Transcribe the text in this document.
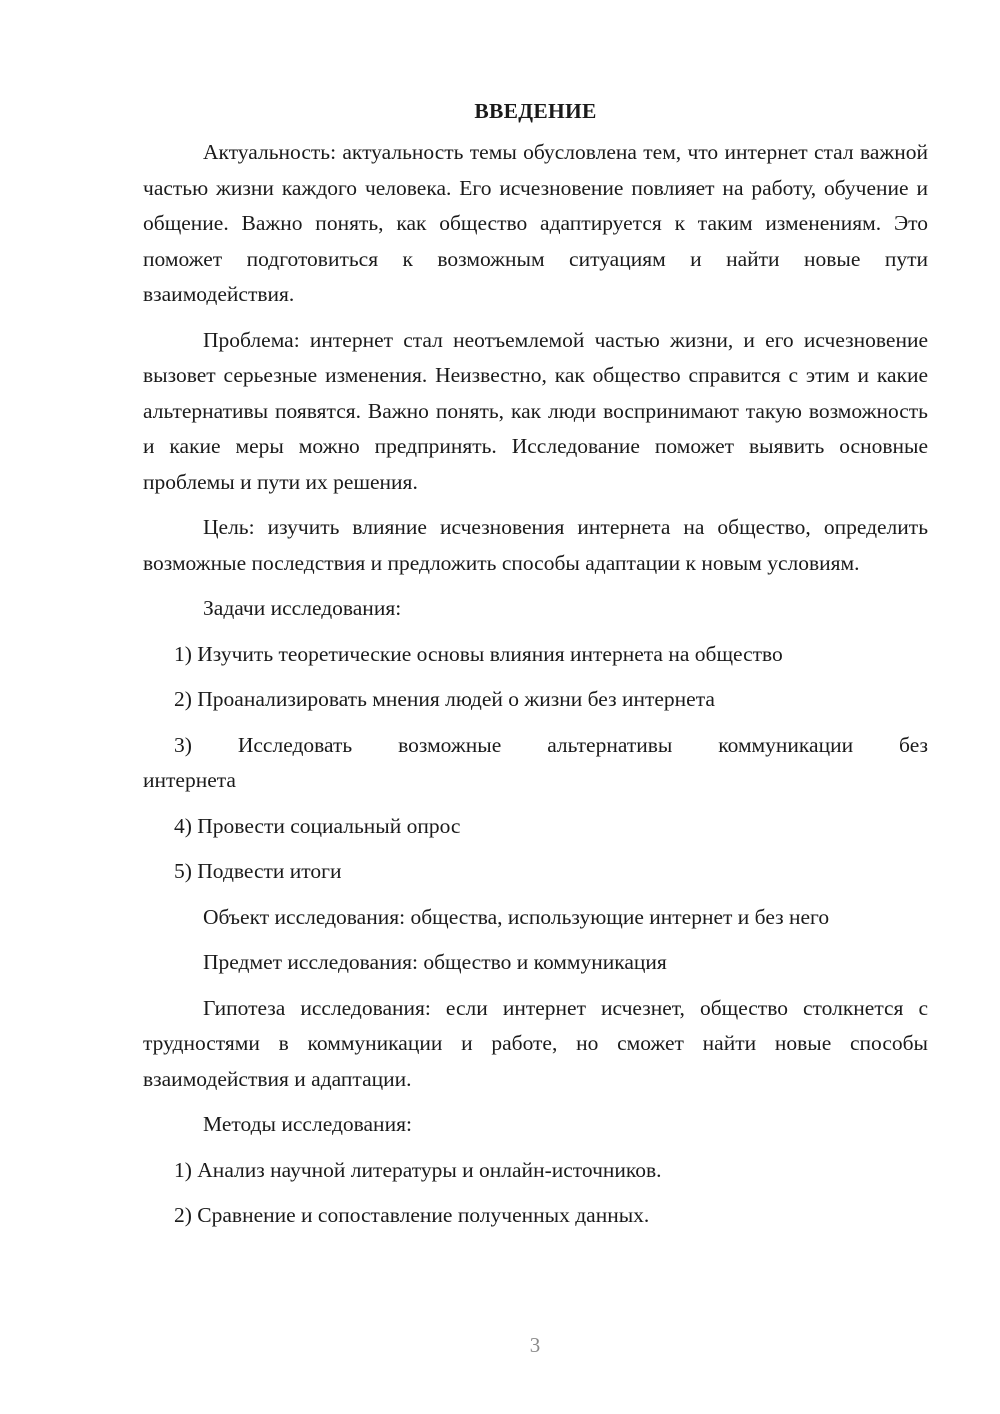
ВВЕДЕНИЕ

Актуальность: актуальность темы обусловлена тем, что интернет стал важной частью жизни каждого человека. Его исчезновение повлияет на работу, обучение и общение. Важно понять, как общество адаптируется к таким изменениям. Это поможет подготовиться к возможным ситуациям и найти новые пути взаимодействия.

Проблема: интернет стал неотъемлемой частью жизни, и его исчезновение вызовет серьезные изменения. Неизвестно, как общество справится с этим и какие альтернативы появятся. Важно понять, как люди воспринимают такую возможность и какие меры можно предпринять. Исследование поможет выявить основные проблемы и пути их решения.

Цель: изучить влияние исчезновения интернета на общество, определить возможные последствия и предложить способы адаптации к новым условиям.

Задачи исследования:

1) Изучить теоретические основы влияния интернета на общество

2) Проанализировать мнения людей о жизни без интернета

3) Исследовать возможные альтернативы коммуникации без интернета

4) Провести социальный опрос

5) Подвести итоги

Объект исследования: общества, использующие интернет и без него

Предмет исследования: общество и коммуникация

Гипотеза исследования: если интернет исчезнет, общество столкнется с трудностями в коммуникации и работе, но сможет найти новые способы взаимодействия и адаптации.

Методы исследования:

1) Анализ научной литературы и онлайн-источников.

2) Сравнение и сопоставление полученных данных.

3
